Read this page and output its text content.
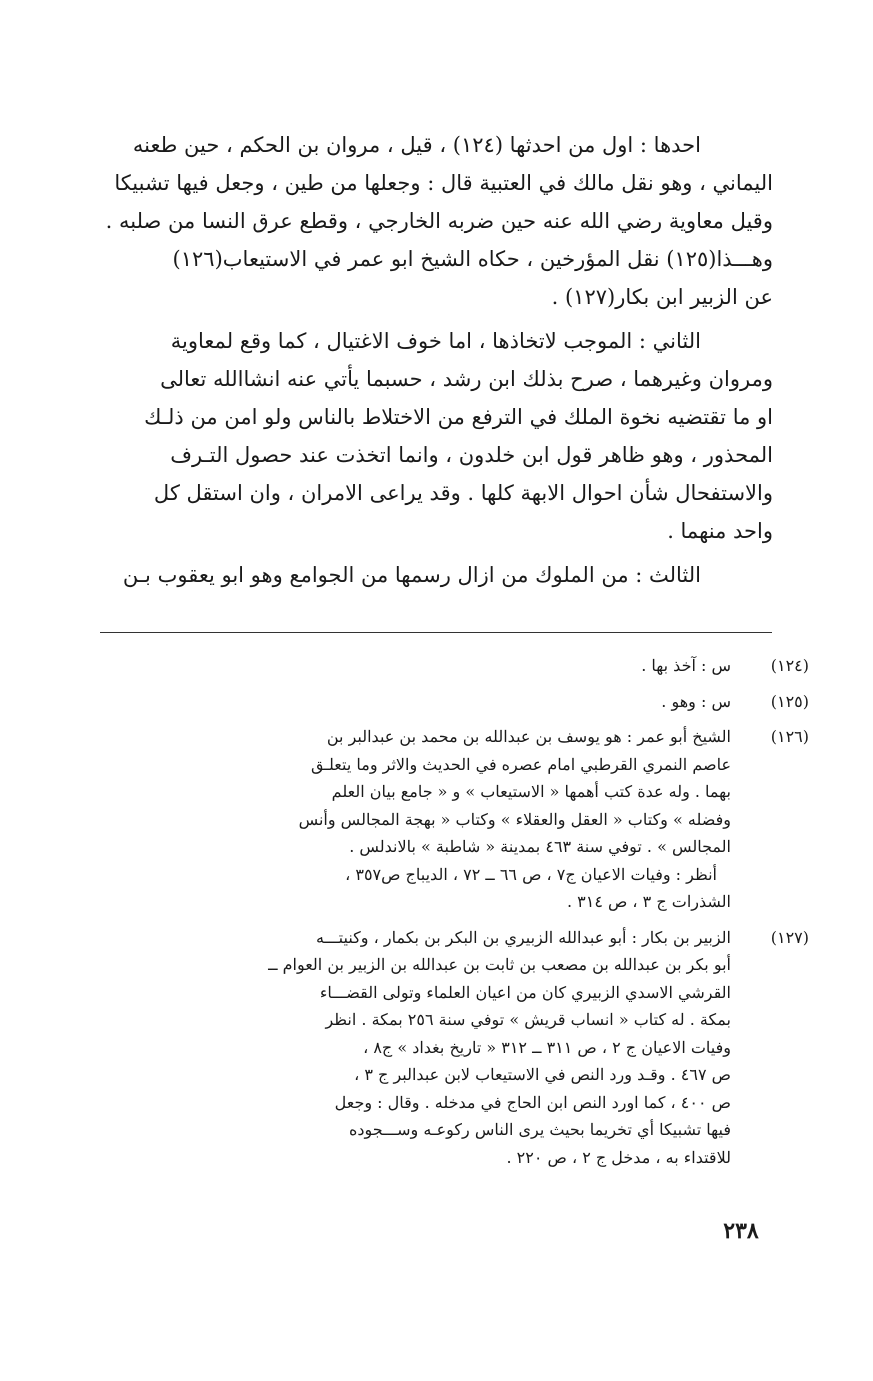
احدها : اول من احدثها (١٢٤) ، قيل ، مروان بن الحكم ، حين طعنه
اليماني ، وهو نقل مالك في العتبية قال : وجعلها من طين ، وجعل فيها تشبيكا
وقيل معاوية رضي الله عنه حين ضربه الخارجي ، وقطع عرق النسا من صلبه .
وهـــذا(١٢٥) نقل المؤرخين ، حكاه الشيخ ابو عمر في الاستيعاب(١٢٦)
عن الزبير ابن بكار(١٢٧) .
الثاني : الموجب لاتخاذها ، اما خوف الاغتيال ، كما وقع لمعاوية
ومروان وغيرهما ، صرح بذلك ابن رشد ، حسبما يأتي عنه انشاالله تعالى
او ما تقتضيه نخوة الملك في الترفع من الاختلاط بالناس ولو امن من ذلـك
المحذور ، وهو ظاهر قول ابن خلدون ، وانما اتخذت عند حصول التـرف
والاستفحال شأن احوال الابهة كلها . وقد يراعى الامران ، وان استقل كل
واحد منهما .
الثالث : من الملوك من ازال رسمها من الجوامع وهو ابو يعقوب بـن
(١٢٤)
س : آخذ بها .
(١٢٥)
س : وهو .
(١٢٦)
الشيخ أبو عمر : هو يوسف بن عبدالله بن محمد بن عبدالبر بن
عاصم النمري القرطبي امام عصره في الحديث والاثر وما يتعلـق
بهما . وله عدة كتب أهمها « الاستيعاب » و « جامع بيان العلم
وفضله » وكتاب « العقل والعقلاء » وكتاب « بهجة المجالس وأنس
المجالس » . توفي سنة ٤٦٣ بمدينة « شاطبة » بالاندلس .
أنظر : وفيات الاعيان ج٧ ، ص ٦٦ ــ ٧٢ ، الديباج ص٣٥٧ ،
الشذرات ج ٣ ، ص ٣١٤ .
(١٢٧)
الزبير بن بكار : أبو عبدالله الزبيري بن البكر بن بكمار ، وكنيتـــه
أبو بكر بن عبدالله بن مصعب بن ثابت بن عبدالله بن الزبير بن العوام ــ
القرشي الاسدي الزبيري كان من اعيان العلماء وتولى القضـــاء
بمكة . له كتاب « انساب قريش » توفي سنة ٢٥٦ بمكة . انظر
وفيات الاعيان ج ٢ ، ص ٣١١ ــ ٣١٢ « تاريخ بغداد » ج٨ ،
ص ٤٦٧ . وقـد ورد النص في الاستيعاب لابن عبدالبر ج ٣ ،
ص ٤٠٠ ، كما اورد النص ابن الحاج في مدخله . وقال : وجعل
فيها تشبيكا أي تخريما بحيث يرى الناس ركوعـه وســـجوده
للاقتداء به ، مدخل ج ٢ ، ص ٢٢٠ .
٢٣٨
